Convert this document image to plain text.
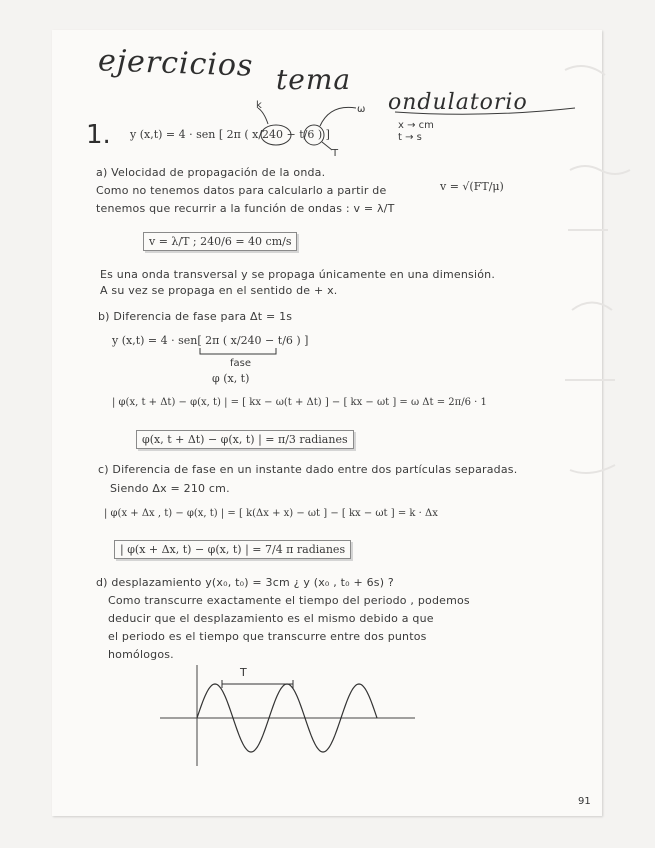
ejercicios tema
ondulatorio
1. y (x,t) = 4 · sen [ 2π ( x/240 − t/6 ) ]
k	ω
T
x → cm
t → s
a) Velocidad de propagación de la onda.
Como no tenemos datos para calcularlo a partir de	v = √(FT/μ)
tenemos que recurrir a la función de ondas : v = λ/T
v = λ/T ; 240/6 = 40 cm/s
Es una onda transversal y se propaga únicamente en una dimensión.
A su vez se propaga en el sentido de + x.
b) Diferencia de fase para Δt = 1s
y (x,t) = 4 · sen[ 2π ( x/240 − t/6 ) ]
fase
φ (x, t)
| φ(x, t + Δt) − φ(x, t) | = [ kx − ω(t + Δt) ] − [ kx − ωt ] = ω Δt = 2π/6 · 1
φ(x, t + Δt) − φ(x, t) | = π/3 radianes
c) Diferencia de fase en un instante dado entre dos partículas separadas.
Siendo Δx = 210 cm.
| φ(x + Δx , t) − φ(x, t) | = [ k(Δx + x) − ωt ] − [ kx − ωt ] = k · Δx
| φ(x + Δx, t) − φ(x, t) | = 7/4 π radianes
d) desplazamiento y(x₀, t₀) = 3cm ¿ y (x₀ , t₀ + 6s) ?
Como transcurre exactamente el tiempo del periodo , podemos
deducir que el desplazamiento es el mismo debido a que
el periodo es el tiempo que transcurre entre dos puntos
homólogos.
T
91
